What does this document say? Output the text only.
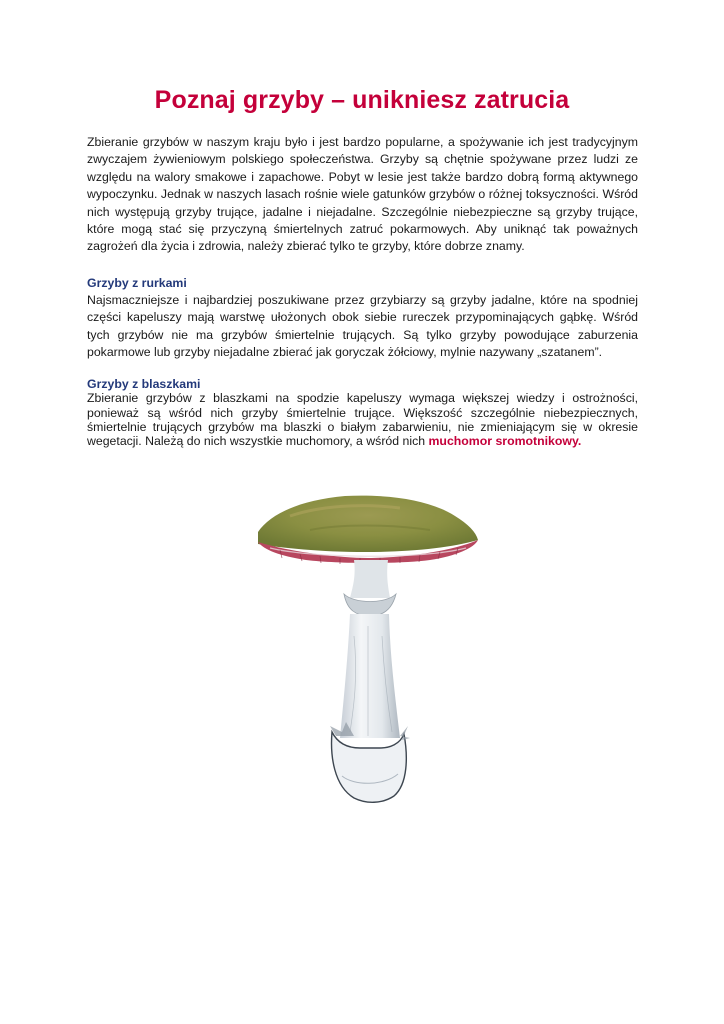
Poznaj grzyby – unikniesz zatrucia

Zbieranie grzybów w naszym kraju było i jest bardzo popularne, a spożywanie ich jest tradycyjnym zwyczajem żywieniowym polskiego społeczeństwa. Grzyby są chętnie spożywane przez ludzi ze względu na walory smakowe i zapachowe. Pobyt w lesie jest także bardzo dobrą formą aktywnego wypoczynku. Jednak w naszych lasach rośnie wiele gatunków grzybów o różnej toksyczności. Wśród nich występują grzyby trujące, jadalne i niejadalne. Szczególnie niebezpieczne są grzyby trujące, które mogą stać się przyczyną śmiertelnych zatruć pokarmowych. Aby uniknąć tak poważnych zagrożeń dla życia i zdrowia, należy zbierać tylko te grzyby, które dobrze znamy.

Grzyby z rurkami

Najsmaczniejsze i najbardziej poszukiwane przez grzybiarzy są grzyby jadalne, które na spodniej części kapeluszy mają warstwę ułożonych obok siebie rureczek przypominających gąbkę. Wśród tych grzybów nie ma grzybów śmiertelnie trujących. Są tylko grzyby powodujące zaburzenia pokarmowe lub grzyby niejadalne zbierać jak goryczak żółciowy, mylnie nazywany „szatanem”.

Grzyby z blaszkami

Zbieranie grzybów z blaszkami na spodzie kapeluszy wymaga większej wiedzy i ostrożności, ponieważ są wśród nich grzyby śmiertelnie trujące. Większość szczególnie niebezpiecznych, śmiertelnie trujących grzybów ma blaszki o białym zabarwieniu, nie zmieniającym się w okresie wegetacji. Należą do nich wszystkie muchomory, a wśród nich muchomor sromotnikowy.
